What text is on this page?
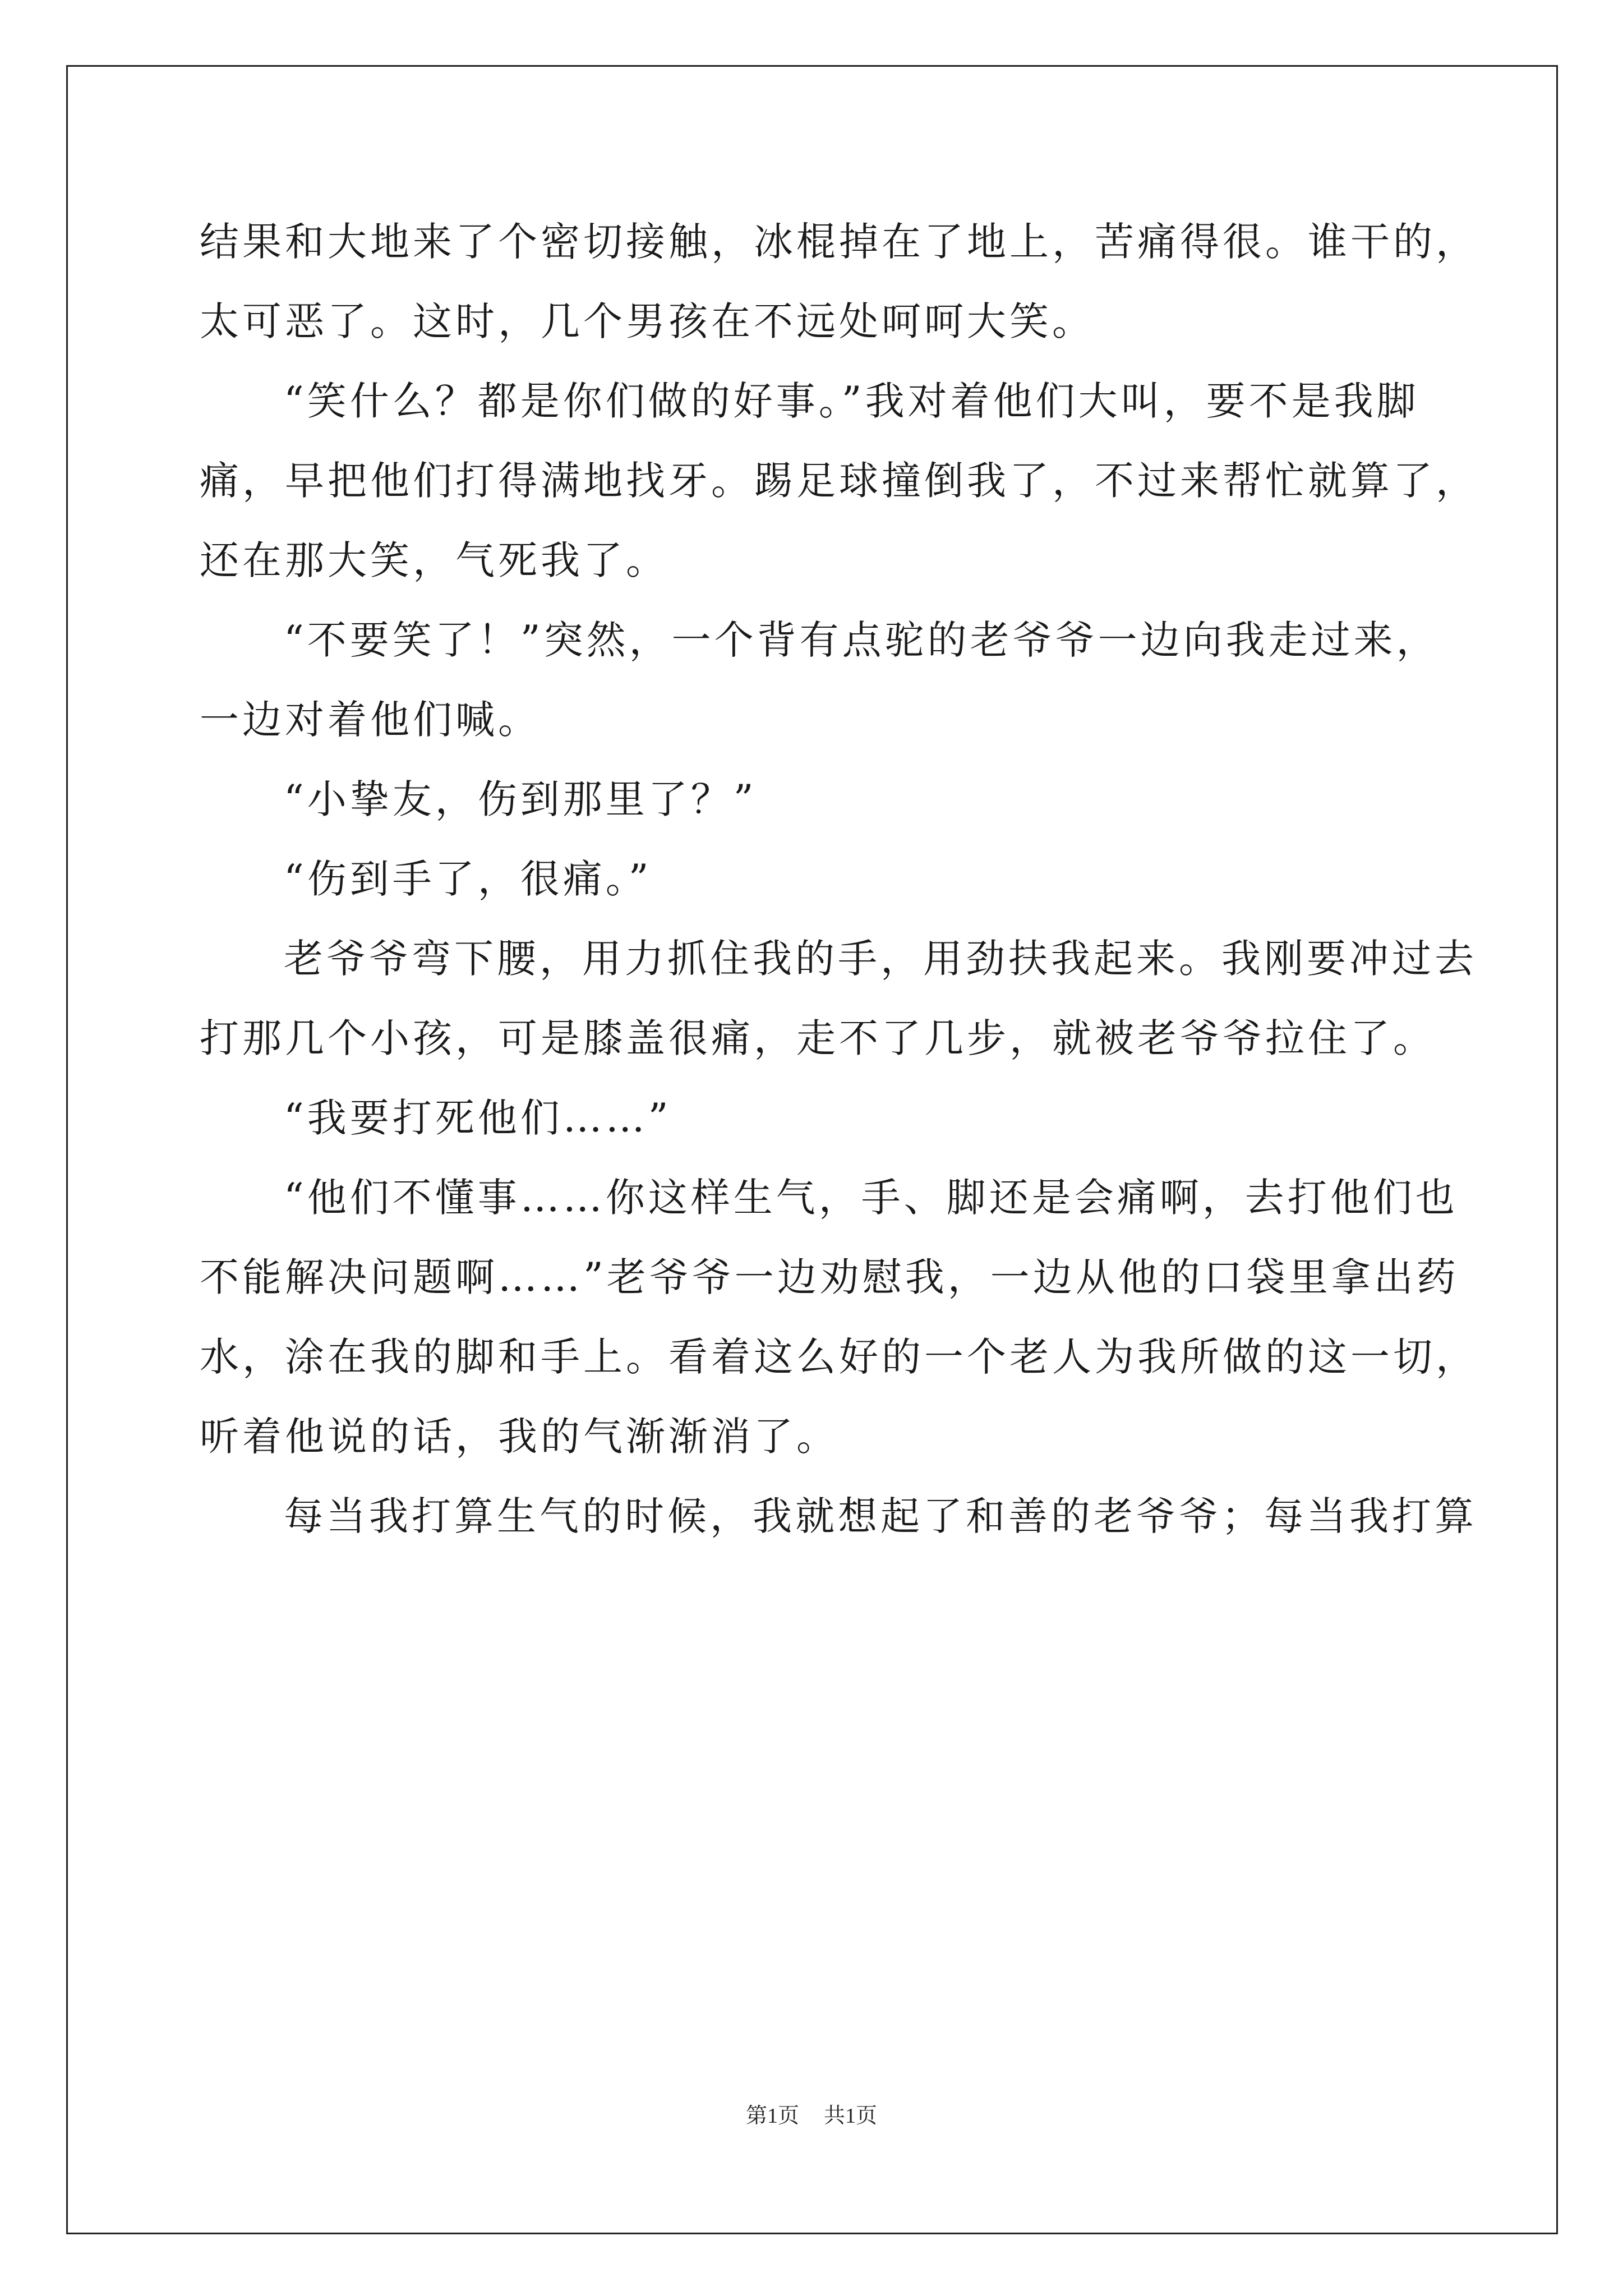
结果和大地来了个密切接触，冰棍掉在了地上，苦痛得很。谁干的，
太可恶了。这时，几个男孩在不远处呵呵大笑。
“笑什么？都是你们做的好事。”我对着他们大叫，要不是我脚
痛，早把他们打得满地找牙。踢足球撞倒我了，不过来帮忙就算了，
还在那大笑，气死我了。
“不要笑了！”突然，一个背有点驼的老爷爷一边向我走过来，
一边对着他们喊。
“小挚友，伤到那里了？”
“伤到手了，很痛。”
老爷爷弯下腰，用力抓住我的手，用劲扶我起来。我刚要冲过去
打那几个小孩，可是膝盖很痛，走不了几步，就被老爷爷拉住了。
“我要打死他们……”
“他们不懂事……你这样生气，手、脚还是会痛啊，去打他们也
不能解决问题啊……”老爷爷一边劝慰我，一边从他的口袋里拿出药
水，涂在我的脚和手上。看着这么好的一个老人为我所做的这一切，
听着他说的话，我的气渐渐消了。
每当我打算生气的时候，我就想起了和善的老爷爷；每当我打算
第1页 共1页
